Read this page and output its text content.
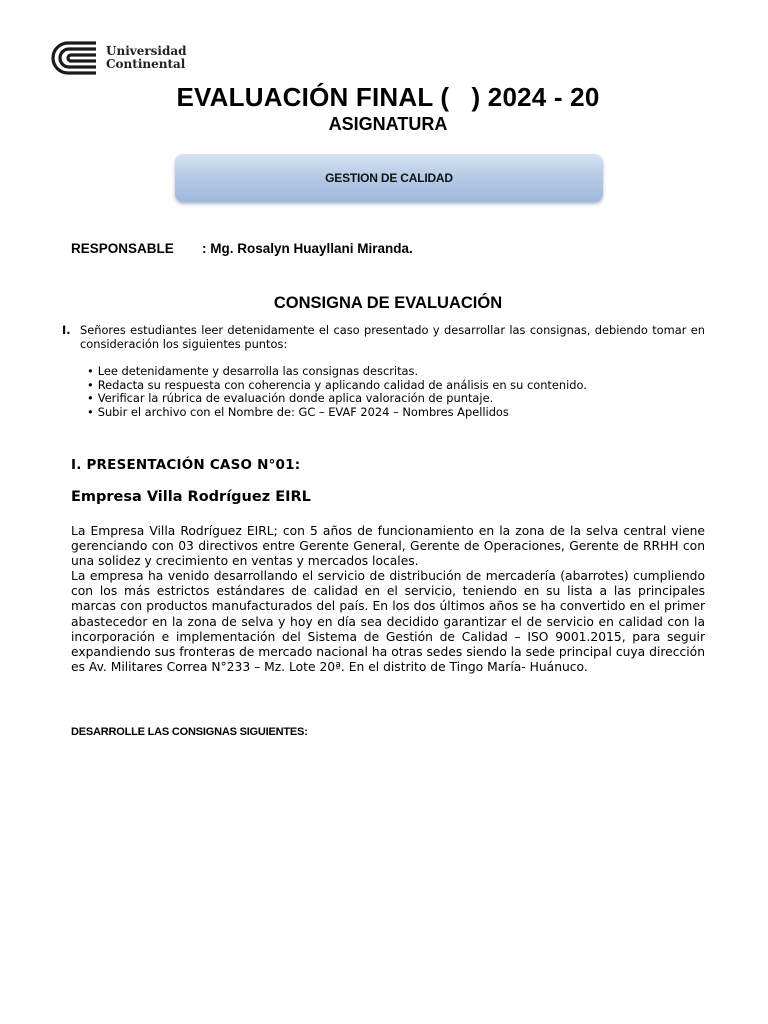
Universidad
Continental
EVALUACIÓN FINAL (   ) 2024 - 20
ASIGNATURA
GESTION DE CALIDAD
RESPONSABLE	: Mg. Rosalyn Huayllani Miranda.
CONSIGNA DE EVALUACIÓN
I. Señores estudiantes leer detenidamente el caso presentado y desarrollar las consignas, debiendo tomar en consideración los siguientes puntos:
• Lee detenidamente y desarrolla las consignas descritas.
• Redacta su respuesta con coherencia y aplicando calidad de análisis en su contenido.
• Verificar la rúbrica de evaluación donde aplica valoración de puntaje.
• Subir el archivo con el Nombre de: GC – EVAF 2024 – Nombres Apellidos
I. PRESENTACIÓN CASO N°01:
Empresa Villa Rodríguez EIRL

La Empresa Villa Rodríguez EIRL; con 5 años de funcionamiento en la zona de la selva central viene gerenciando con 03 directivos entre Gerente General, Gerente de Operaciones, Gerente de RRHH con una solidez y crecimiento en ventas y mercados locales.

La empresa ha venido desarrollando el servicio de distribución de mercadería (abarrotes) cumpliendo con los más estrictos estándares de calidad en el servicio, teniendo en su lista a las principales marcas con productos manufacturados del país. En los dos últimos años se ha convertido en el primer abastecedor en la zona de selva y hoy en día sea decidido garantizar el de servicio en calidad con la incorporación e implementación del Sistema de Gestión de Calidad – ISO 9001.2015, para seguir expandiendo sus fronteras de mercado nacional ha otras sedes siendo la sede principal cuya dirección es Av. Militares Correa N°233 – Mz. Lote 20ª. En el distrito de Tingo María- Huánuco.

DESARROLLE LAS CONSIGNAS SIGUIENTES:
